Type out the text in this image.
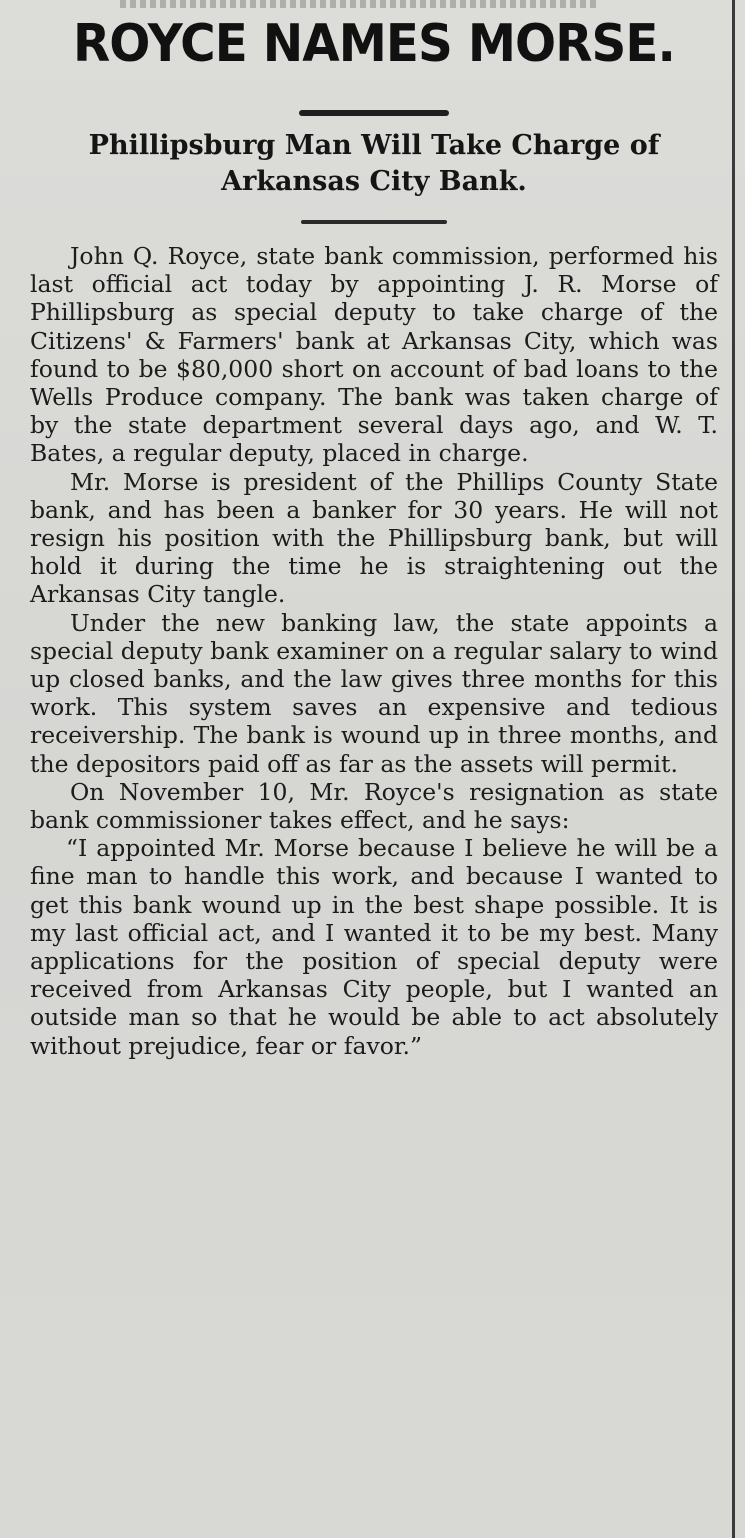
ROYCE NAMES MORSE.
Phillipsburg Man Will Take Charge of Arkansas City Bank.

John Q. Royce, state bank commission, performed his last official act today by appointing J. R. Morse of Phillipsburg as special deputy to take charge of the Citizens' & Farmers' bank at Arkansas City, which was found to be $80,000 short on account of bad loans to the Wells Produce company. The bank was taken charge of by the state department several days ago, and W. T. Bates, a regular deputy, placed in charge.

Mr. Morse is president of the Phillips County State bank, and has been a banker for 30 years. He will not resign his position with the Phillipsburg bank, but will hold it during the time he is straightening out the Arkansas City tangle.

Under the new banking law, the state appoints a special deputy bank examiner on a regular salary to wind up closed banks, and the law gives three months for this work. This system saves an expensive and tedious receivership. The bank is wound up in three months, and the depositors paid off as far as the assets will permit.

On November 10, Mr. Royce's resignation as state bank commissioner takes effect, and he says:

“I appointed Mr. Morse because I believe he will be a fine man to handle this work, and because I wanted to get this bank wound up in the best shape possible. It is my last official act, and I wanted it to be my best. Many applications for the position of special deputy were received from Arkansas City people, but I wanted an outside man so that he would be able to act absolutely without prejudice, fear or favor.”
